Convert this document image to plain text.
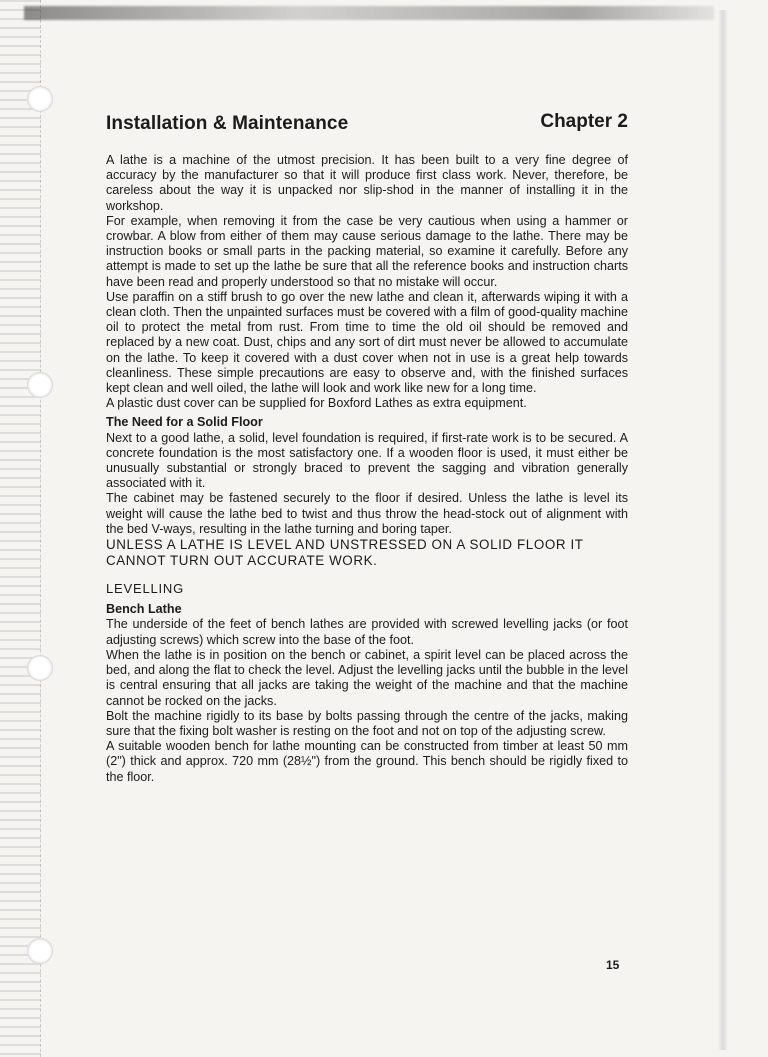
Installation & Maintenance	Chapter 2

A lathe is a machine of the utmost precision. It has been built to a very fine degree of accuracy by the manufacturer so that it will produce first class work. Never, therefore, be careless about the way it is unpacked nor slip-shod in the manner of installing it in the workshop.

For example, when removing it from the case be very cautious when using a hammer or crowbar. A blow from either of them may cause serious damage to the lathe. There may be instruction books or small parts in the packing material, so examine it carefully. Before any attempt is made to set up the lathe be sure that all the reference books and instruction charts have been read and properly understood so that no mistake will occur.

Use paraffin on a stiff brush to go over the new lathe and clean it, afterwards wiping it with a clean cloth. Then the unpainted surfaces must be covered with a film of good-quality machine oil to protect the metal from rust. From time to time the old oil should be removed and replaced by a new coat. Dust, chips and any sort of dirt must never be allowed to accumulate on the lathe. To keep it covered with a dust cover when not in use is a great help towards cleanliness. These simple precautions are easy to observe and, with the finished surfaces kept clean and well oiled, the lathe will look and work like new for a long time.

A plastic dust cover can be supplied for Boxford Lathes as extra equipment.

The Need for a Solid Floor

Next to a good lathe, a solid, level foundation is required, if first-rate work is to be secured. A concrete foundation is the most satisfactory one. If a wooden floor is used, it must either be unusually substantial or strongly braced to prevent the sagging and vibration generally associated with it.

The cabinet may be fastened securely to the floor if desired. Unless the lathe is level its weight will cause the lathe bed to twist and thus throw the head-stock out of alignment with the bed V-ways, resulting in the lathe turning and boring taper.

UNLESS A LATHE IS LEVEL AND UNSTRESSED ON A SOLID FLOOR IT CANNOT TURN OUT ACCURATE WORK.

LEVELLING

Bench Lathe

The underside of the feet of bench lathes are provided with screwed levelling jacks (or foot adjusting screws) which screw into the base of the foot.

When the lathe is in position on the bench or cabinet, a spirit level can be placed across the bed, and along the flat to check the level. Adjust the levelling jacks until the bubble in the level is central ensuring that all jacks are taking the weight of the machine and that the machine cannot be rocked on the jacks.

Bolt the machine rigidly to its base by bolts passing through the centre of the jacks, making sure that the fixing bolt washer is resting on the foot and not on top of the adjusting screw.

A suitable wooden bench for lathe mounting can be constructed from timber at least 50 mm (2") thick and approx. 720 mm (28½") from the ground. This bench should be rigidly fixed to the floor.

15
